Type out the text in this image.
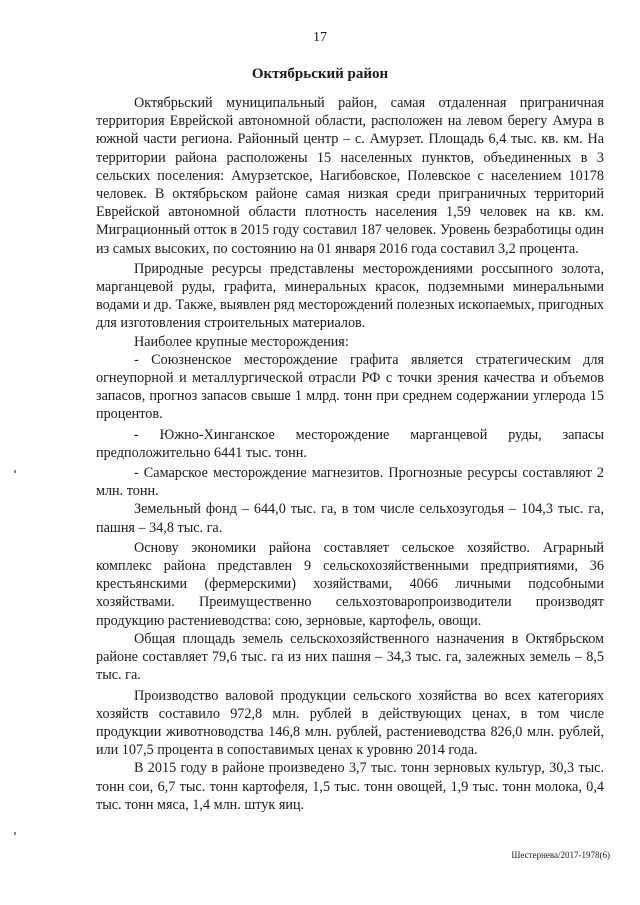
17
Октябрьский район

Октябрьский муниципальный район, самая отдаленная приграничная территория Еврейской автономной области, расположен на левом берегу Амура в южной части региона. Районный центр – с. Амурзет. Площадь 6,4 тыс. кв. км. На территории района расположены 15 населенных пунктов, объединенных в 3 сельских поселения: Амурзетское, Нагибовское, Полевское с населением 10178 человек. В октябрьском районе самая низкая среди приграничных территорий Еврейской автономной области плотность населения 1,59 человек на кв. км. Миграционный отток в 2015 году составил 187 человек. Уровень безработицы один из самых высоких, по состоянию на 01 января 2016 года составил 3,2 процента.

Природные ресурсы представлены месторождениями россыпного золота, марганцевой руды, графита, минеральных красок, подземными минеральными водами и др. Также, выявлен ряд месторождений полезных ископаемых, пригодных для изготовления строительных материалов.

Наиболее крупные месторождения:

- Союзненское месторождение графита является стратегическим для огнеупорной и металлургической отрасли РФ с точки зрения качества и объемов запасов, прогноз запасов свыше 1 млрд. тонн при среднем содержании углерода 15 процентов.

- Южно-Хинганское месторождение марганцевой руды, запасы предположительно 6441 тыс. тонн.

- Самарское месторождение магнезитов. Прогнозные ресурсы составляют 2 млн. тонн.

Земельный фонд – 644,0 тыс. га, в том числе сельхозугодья – 104,3 тыс. га, пашня – 34,8 тыс. га.

Основу экономики района составляет сельское хозяйство. Аграрный комплекс района представлен 9 сельскохозяйственными предприятиями, 36 крестьянскими (фермерскими) хозяйствами, 4066 личными подсобными хозяйствами. Преимущественно сельхозтоваропроизводители производят продукцию растениеводства: сою, зерновые, картофель, овощи.

Общая площадь земель сельскохозяйственного назначения в Октябрьском районе составляет 79,6 тыс. га из них пашня – 34,3 тыс. га, залежных земель – 8,5 тыс. га.

Производство валовой продукции сельского хозяйства во всех категориях хозяйств составило 972,8 млн. рублей в действующих ценах, в том числе продукции животноводства 146,8 млн. рублей, растениеводства 826,0 млн. рублей, или 107,5 процента в сопоставимых ценах к уровню 2014 года.

В 2015 году в районе произведено 3,7 тыс. тонн зерновых культур, 30,3 тыс. тонн сои, 6,7 тыс. тонн картофеля, 1,5 тыс. тонн овощей, 1,9 тыс. тонн молока, 0,4 тыс. тонн мяса, 1,4 млн. штук яиц.

Шестернева/2017-1978(6)
